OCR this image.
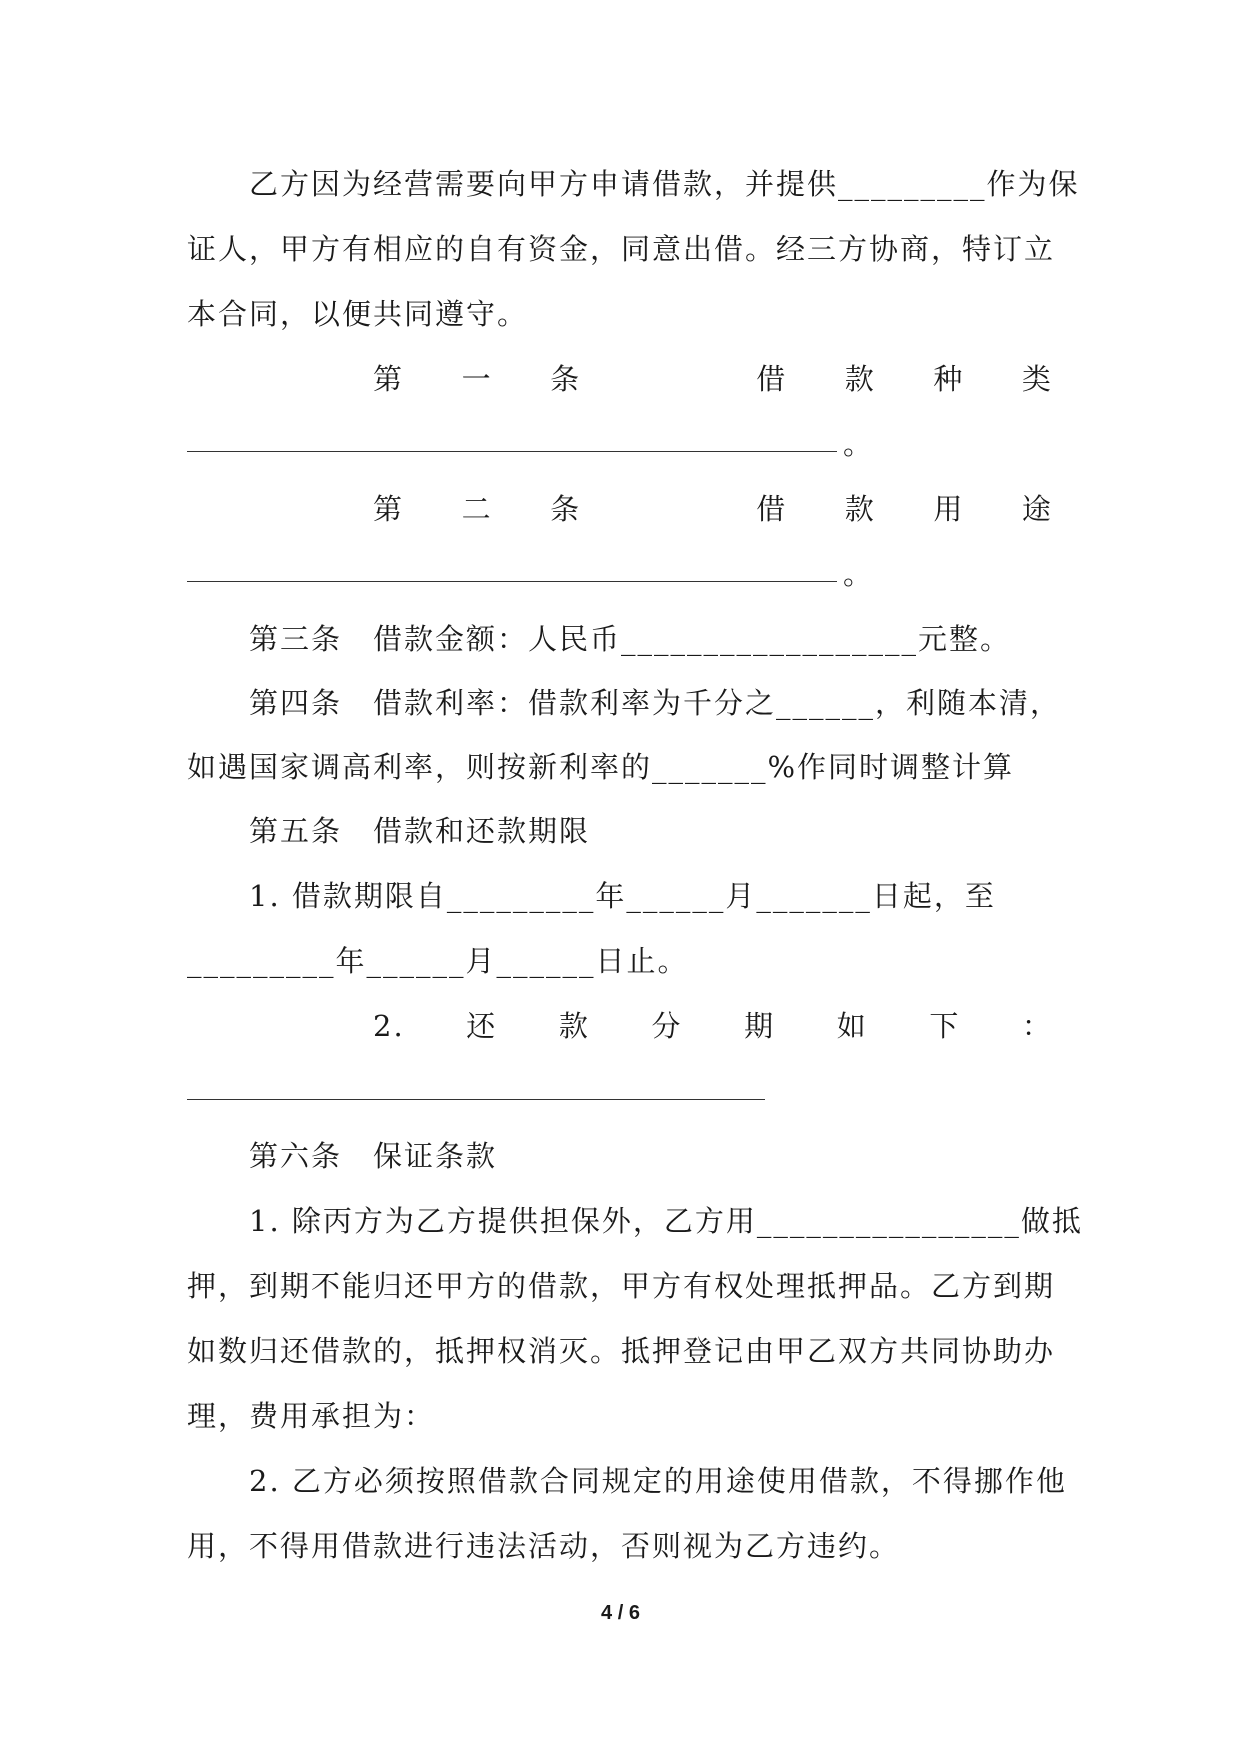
　　乙方因为经营需要向甲方申请借款，并提供_________作为保
证人，甲方有相应的自有资金，同意出借。经三方协商，特订立
本合同，以便共同遵守。
第 一 条	借 款 种 类
。
第 二 条	借 款 用 途
。
　　第三条　借款金额：人民币__________________元整。
　　第四条　借款利率：借款利率为千分之______，利随本清，
如遇国家调高利率，则按新利率的_______%作同时调整计算
　　第五条　借款和还款期限
　　1. 借款期限自_________年______月_______日起，至
_________年______月______日止。
2. 还 款 分 期 如 下 ：
　　第六条　保证条款
　　1. 除丙方为乙方提供担保外，乙方用________________做抵
押，到期不能归还甲方的借款，甲方有权处理抵押品。乙方到期
如数归还借款的，抵押权消灭。抵押登记由甲乙双方共同协助办
理，费用承担为：
　　2. 乙方必须按照借款合同规定的用途使用借款，不得挪作他
用，不得用借款进行违法活动，否则视为乙方违约。
4 / 6
